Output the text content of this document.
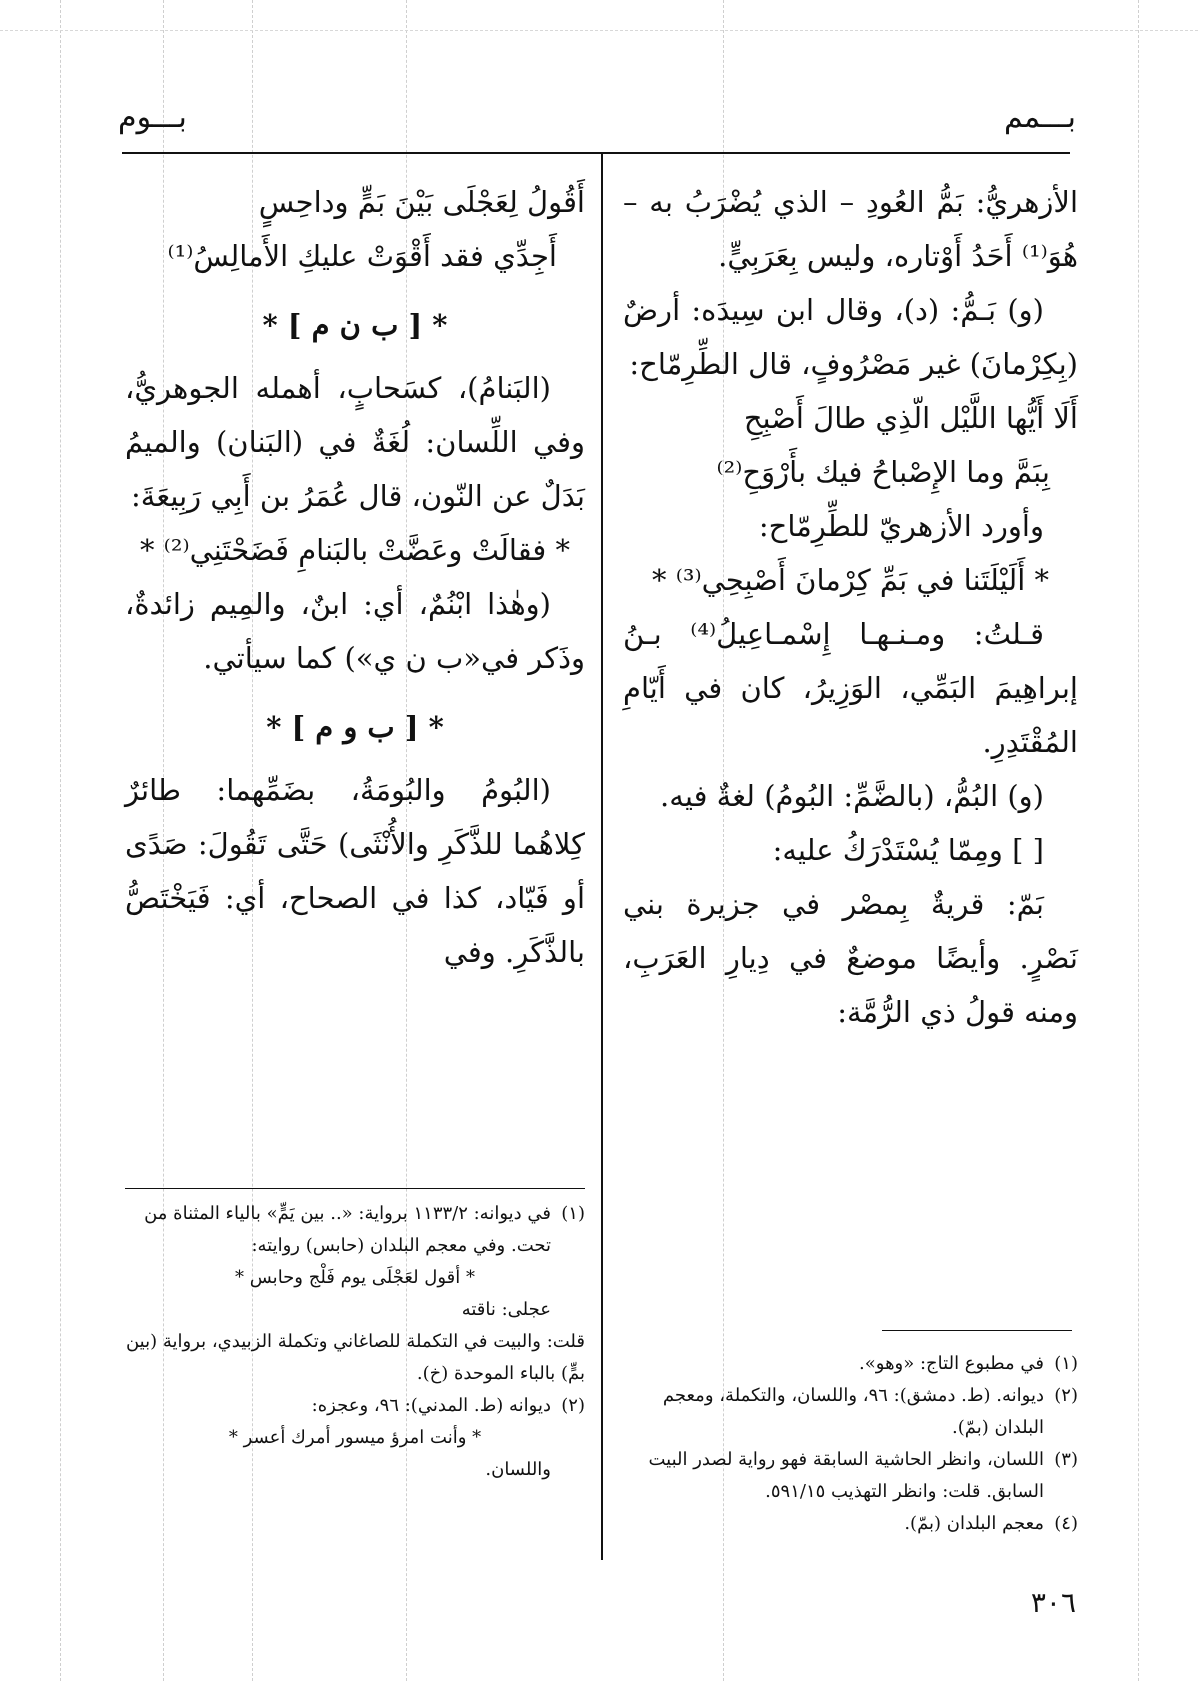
بـــمم
بـــوم

الأزهريُّ: بَمُّ العُودِ – الذي يُضْرَبُ به – هُوَ⁽¹⁾ أَحَدُ أَوْتاره، وليس بِعَرَبِيٍّ.

(و) بَـمُّ: (د)، وقال ابن سِيدَه: أرضٌ (بِكِرْمانَ) غير مَصْرُوفٍ، قال الطِّرِمّاح:

أَلَا أَيُّها اللَّيْل الّذِي طالَ أَصْبِحِ

بِبَمَّ وما الإِصْباحُ فيك بأَرْوَحِ⁽²⁾

وأورد الأزهريّ للطِّرِمّاح:

* أَلَيْلَتَنا في بَمِّ كِرْمانَ أَصْبِحِي⁽³⁾ *

قـلتُ: ومـنـهـا إِسْمـاعِيلُ⁽⁴⁾ بـنُ إبراهِيمَ البَمِّي، الوَزِيرُ، كان في أَيّامِ المُقْتَدِرِ.

(و) البُمُّ، (بالضَّمِّ: البُومُ) لغةٌ فيه.

[ ] ومِمّا يُسْتَدْرَكُ عليه:

بَمّ: قريةٌ بِمصْر في جزيرة بني نَصْرٍ. وأيضًا موضعٌ في دِيارِ العَرَبِ، ومنه قولُ ذي الرُّمَّة:

أَقُولُ لِعَجْلَى بَيْنَ بَمٍّ وداحِسٍ

أَجِدِّي فقد أَقْوَتْ عليكِ الأَمالِسُ⁽¹⁾

* [ ب ن م ] *

(البَنامُ)، كسَحابٍ، أهمله الجوهريُّ، وفي اللِّسان: لُغَةٌ في (البَنان) والميمُ بَدَلٌ عن النّون، قال عُمَرُ بن أَبِي رَبِيعَةَ:

* فقالَتْ وعَضَّتْ بالبَنامِ فَضَحْتَنِي⁽²⁾ *

(وهٰذا ابْنُمٌ، أي: ابنٌ، والمِيم زائدةٌ، وذَكر في«ب ن ي») كما سيأتي.

* [ ب و م ] *

(البُومُ والبُومَةُ، بضَمِّهما: طائرٌ كِلاهُما للذَّكَرِ والأُنْثَى) حَتَّى تَقُولَ: صَدًى أو فَيّاد، كذا في الصحاح، أي: فَيَخْتَصُّ بالذَّكَرِ. وفي

(١)
في مطبوع التاج: «وهو».

(٢)
ديوانه. (ط. دمشق): ٩٦، واللسان، والتكملة، ومعجم البلدان (بمّ).

(٣)
اللسان، وانظر الحاشية السابقة فهو رواية لصدر البيت السابق. قلت: وانظر التهذيب ٥٩١/١٥.

(٤)
معجم البلدان (بمّ).

(١)
في ديوانه: ١١٣٣/٢ برواية: «.. بين يَمٍّ» بالياء المثناة من تحت. وفي معجم البلدان (حابس) روايته:

* أقول لعَجْلَى يوم فَلْج وحابس *

عجلى: ناقته

قلت: والبيت في التكملة للصاغاني وتكملة الزبيدي، برواية (بين بمٍّ) بالباء الموحدة (خ).

(٢)
ديوانه (ط. المدني): ٩٦، وعجزه:

* وأنت امرؤ ميسور أمرك أعسر *

واللسان.

٣٠٦
